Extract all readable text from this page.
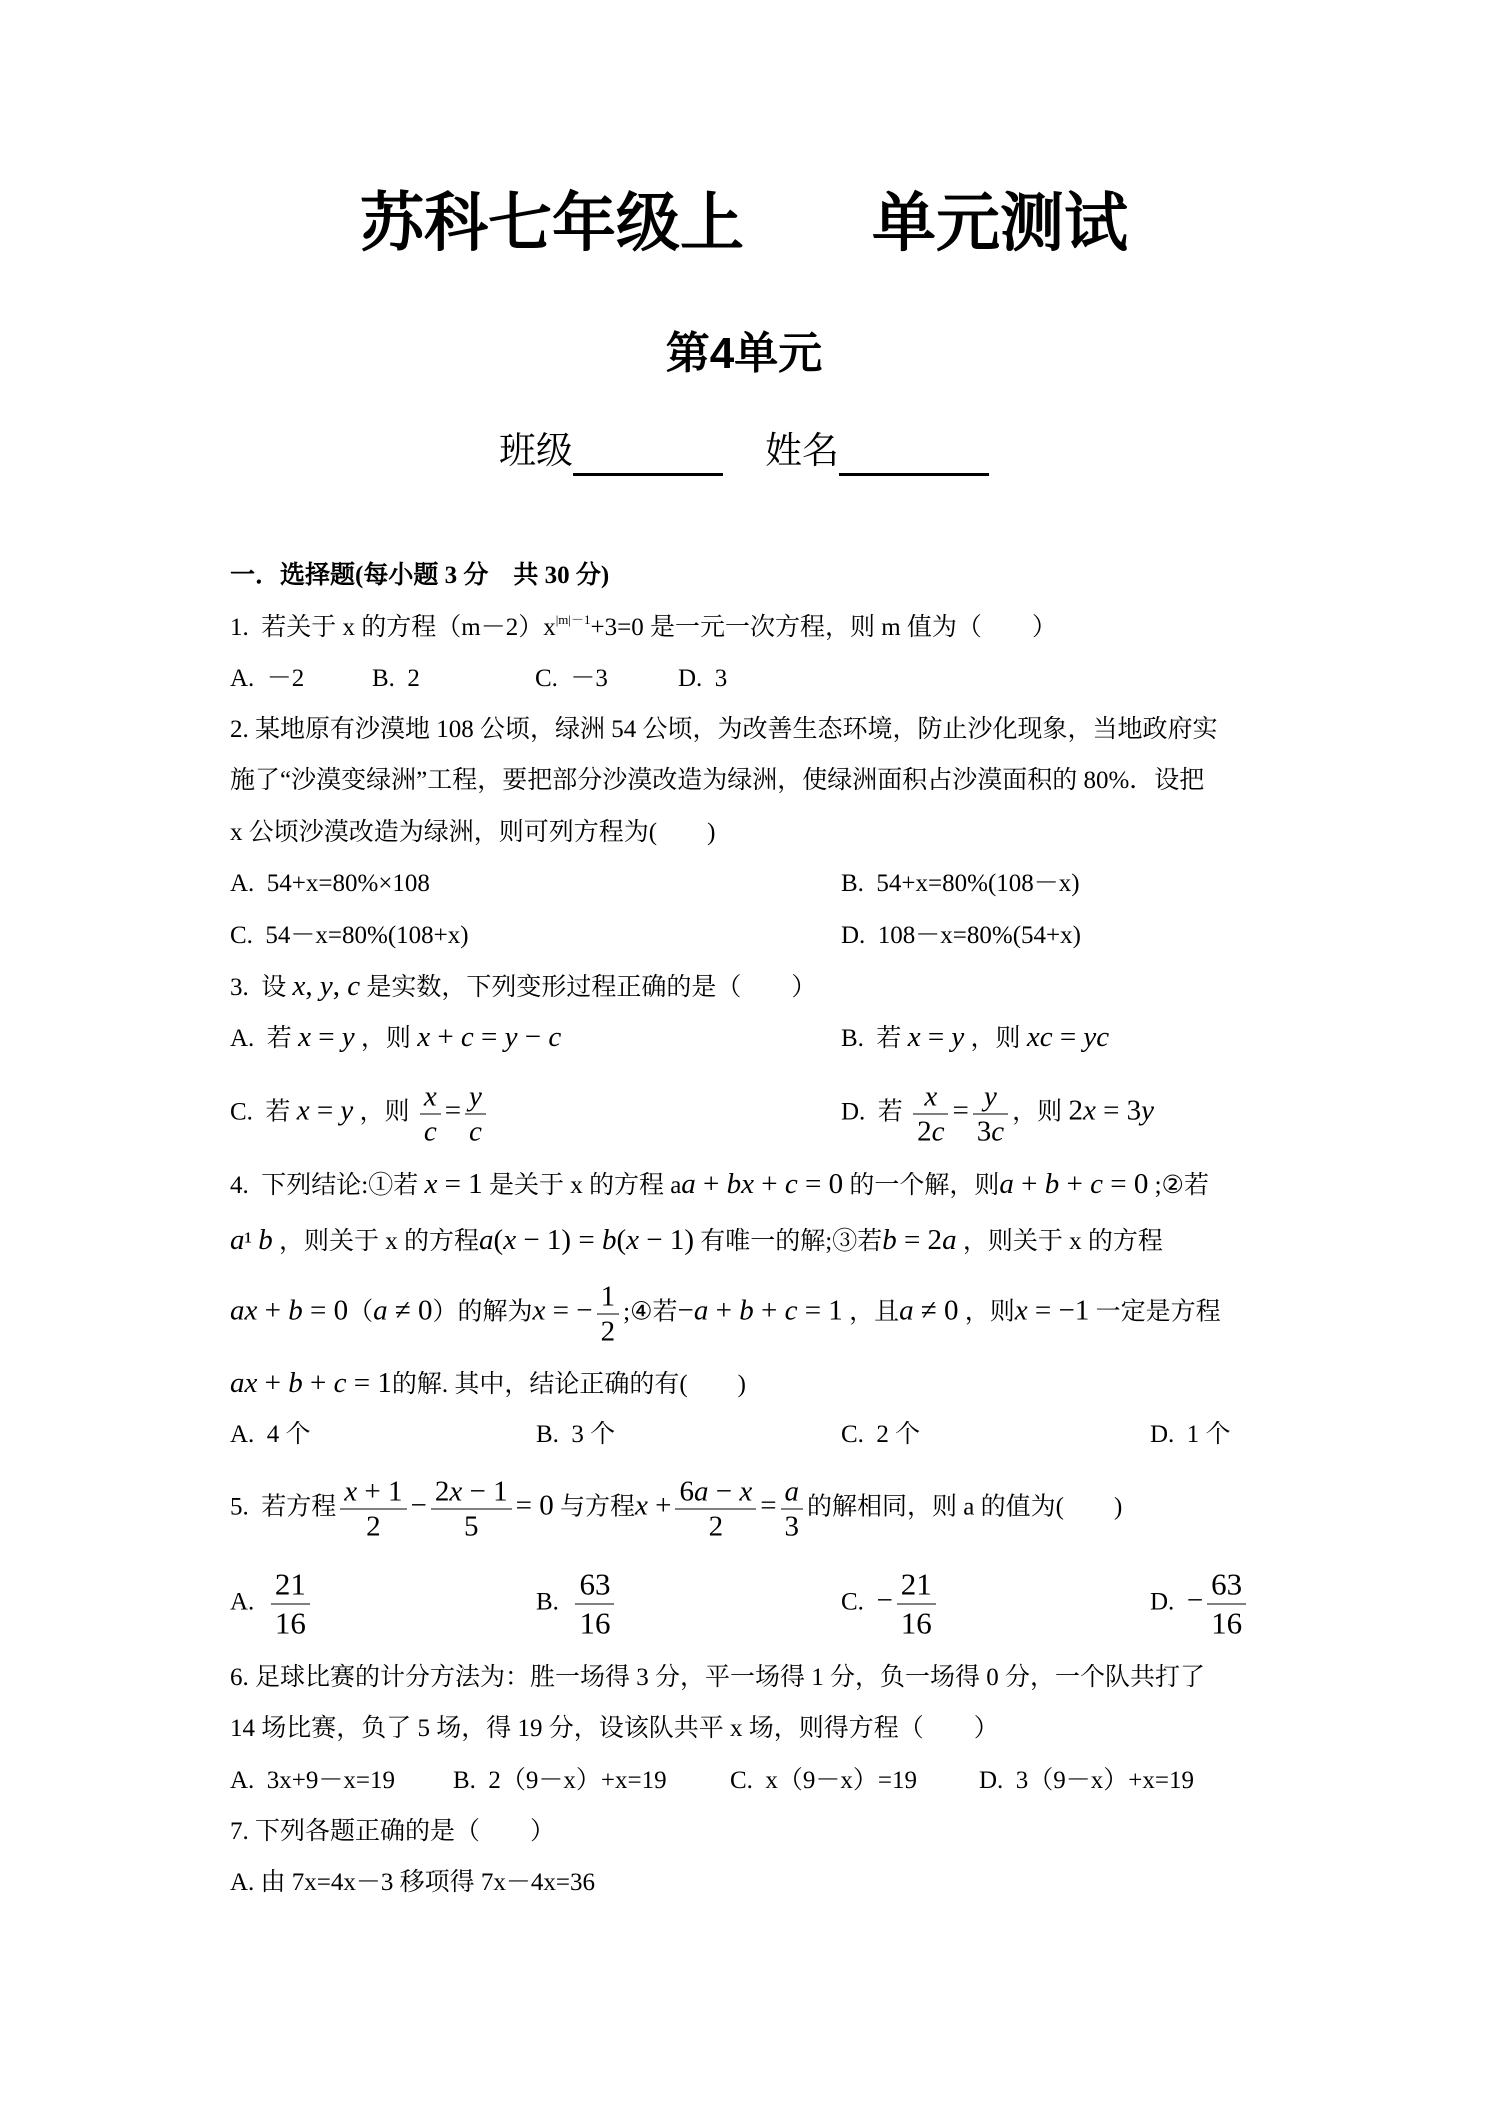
苏科七年级上　　单元测试
第4单元
班级	姓名
一．选择题(每小题 3 分　共 30 分)
1.  若关于 x 的方程$(m-2)x^{|m|-1}+3=0$ 是一元一次方程，则 m 值为（　　）
A.  －2	B.  2	C.  －3	D.  3
2. 某地原有沙漠地 108 公顷，绿洲 54 公顷，为改善生态环境，防止沙化现象，当地政府实
施了“沙漠变绿洲”工程，要把部分沙漠改造为绿洲，使绿洲面积占沙漠面积的 80%．设把
x 公顷沙漠改造为绿洲，则可列方程为(　　)
A.  54+x=80%×108	B.  54+x=80%(108－x)
C.  54－x=80%(108+x)	D.  108－x=80%(54+x)
3.  设 x, y, c 是实数，下列变形过程正确的是（　　）
A.  若 x = y ，则 x + c = y − c	B.  若 x = y ，则 xc = yc
C.  若 x = y ，则 $\frac{x}{c} = \frac{y}{c}$	D.  若 $\frac{x}{2c} = \frac{y}{3c}$ ，则 2x = 3y
4.  下列结论:①若 x = 1 是关于 x 的方程 aa + bx + c = 0 的一个解，则a + b + c = 0 ;②若
a¹ b ，则关于 x 的方程a(x − 1) = b(x − 1) 有唯一的解;③若b = 2a ，则关于 x 的方程
ax + b = 0（a ≠ 0）的解为x = − $\frac{1}{2}$ ;④若−a + b + c = 1 ，且a ≠ 0 ，则x = −1 一定是方程
ax + b + c = 1的解. 其中，结论正确的有(　　)
A.  4 个	B.  3 个	C.  2 个	D.  1 个
5.  若方程 $\frac{x + 1}{2} - \frac{2x - 1}{5} = 0$ 与方程$x + \frac{6a - x}{2} = \frac{a}{3}$ 的解相同，则 a 的值为(　　)
A. $\frac{21}{16}$	B. $\frac{63}{16}$	C.  − $\frac{21}{16}$	D.  − $\frac{63}{16}$
6. 足球比赛的计分方法为：胜一场得 3 分，平一场得 1 分，负一场得 0 分，一个队共打了
14 场比赛，负了 5 场，得 19 分，设该队共平 x 场，则得方程（　　）
A.  3x+9－x=19 B.  2（9－x）+x=19	C.  x（9－x）=19 D.  3（9－x）+x=19
7. 下列各题正确的是（　　）
A. 由 7x=4x－3 移项得 7x－4x=36
